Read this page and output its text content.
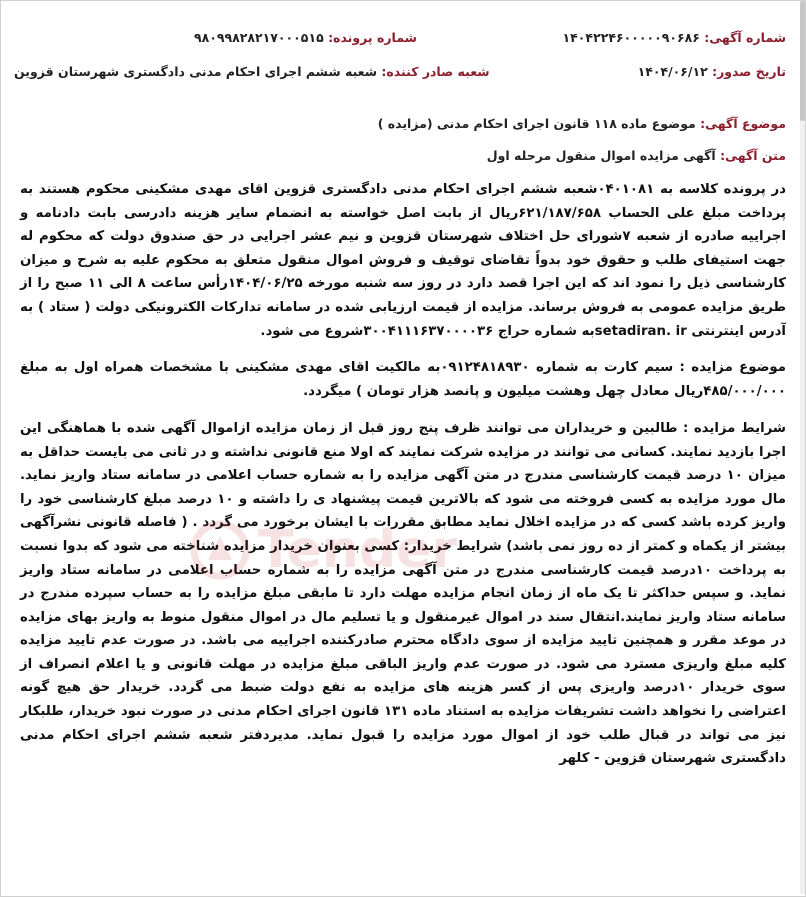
شماره آگهی: ۱۴۰۴۲۲۴۶۰۰۰۰۰۹۰۶۸۶
شماره پرونده: ۹۸۰۹۹۸۲۸۲۱۷۰۰۰۵۱۵
تاریخ صدور: ۱۴۰۴/۰۶/۱۲
شعبه صادر کننده: شعبه ششم اجرای احکام مدنی دادگستری شهرستان قزوین
موضوع آگهی: موضوع ماده ۱۱۸ قانون اجرای احکام مدنی (مزایده )
متن آگهی: آگهی مزایده اموال منقول مرحله اول

در پرونده کلاسه به ۰۴۰۱۰۸۱شعبه ششم اجرای احکام مدنی دادگستری قزوین اقای مهدی مشکینی محکوم هستند به پرداخت مبلغ علی الحساب ۶۲۱/۱۸۷/۶۵۸ریال از بابت اصل خواسته به انضمام سایر هزینه دادرسی بابت دادنامه و اجراییه صادره از شعبه ۷شورای حل اختلاف شهرستان قزوین و نیم عشر اجرایی در حق صندوق دولت که محکوم له جهت استیفای طلب و حقوق خود بدواً تقاضای توقیف و فروش اموال منقول متعلق به محکوم علیه به شرح و میزان کارشناسی ذیل را نمود اند که این اجرا قصد دارد در روز سه شنبه مورخه ۱۴۰۴/۰۶/۲۵رأس ساعت ۸ الی ۱۱ صبح را از طریق مزایده عمومی به فروش برساند. مزایده از قیمت ارزیابی شده در سامانه تدارکات الکترونیکی دولت ( ستاد ) به آدرس اینترنتی setadiran. irبه شماره حراج ۳۰۰۴۱۱۱۶۳۷۰۰۰۰۳۶شروع می شود.

موضوع مزایده : سیم کارت به شماره ۰۹۱۲۴۸۱۸۹۳۰به مالکیت اقای مهدی مشکینی با مشخصات همراه اول به مبلغ ۴۸۵/۰۰۰/۰۰۰ریال معادل چهل وهشت میلیون و پانصد هزار تومان ) میگردد.

شرایط مزایده : طالبین و خریداران می توانند ظرف پنج روز قبل از زمان مزایده ازاموال آگهی شده با هماهنگی این اجرا بازدید نمایند. کسانی می توانند در مزایده شرکت نمایند که اولا منع قانونی نداشته و در ثانی می بایست حداقل به میزان ۱۰ درصد قیمت کارشناسی مندرج در متن آگهی مزایده را به شماره حساب اعلامی در سامانه ستاد واریز نماید. مال مورد مزایده به کسی فروخته می شود که بالاترین قیمت پیشنهاد ی را داشته و ۱۰ درصد مبلغ کارشناسی خود را واریز کرده باشد کسی که در مزایده اخلال نماید مطابق مقررات با ایشان برخورد می گردد . ( فاصله قانونی نشرآگهی بیشتر از یکماه و کمتر از ده روز نمی باشد) شرایط خریدار: کسی بعنوان خریدار مزایده شناخته می شود که بدوا نسبت به پرداخت ۱۰درصد قیمت کارشناسی مندرج در متن آگهی مزایده را به شماره حساب اعلامی در سامانه ستاد واریز نماید. و سپس حداکثر تا یک ماه از زمان انجام مزایده مهلت دارد تا مابقی مبلغ مزایده را به حساب سپرده مندرج در سامانه ستاد واریز نمایند.انتقال سند در اموال غیرمنقول و یا تسلیم مال در اموال منقول منوط به واریز بهای مزایده در موعد مقرر و همچنین تایید مزایده از سوی دادگاه محترم صادرکننده اجراییه می باشد. در صورت عدم تایید مزایده کلیه مبلغ واریزی مسترد می شود. در صورت عدم واریز الباقی مبلغ مزایده در مهلت قانونی و یا اعلام انصراف از سوی خریدار ۱۰درصد واریزی پس از کسر هزینه های مزایده به نفع دولت ضبط می گردد. خریدار حق هیچ گونه اعتراضی را نخواهد داشت تشریفات مزایده به استناد ماده ۱۳۱ قانون اجرای احکام مدنی در صورت نبود خریدار، طلبکار نیز می تواند در قبال طلب خود از اموال مورد مزایده را قبول نماید. مدیردفتر شعبه ششم اجرای احکام مدنی دادگستری شهرستان قزوین - کلهر

Tender
